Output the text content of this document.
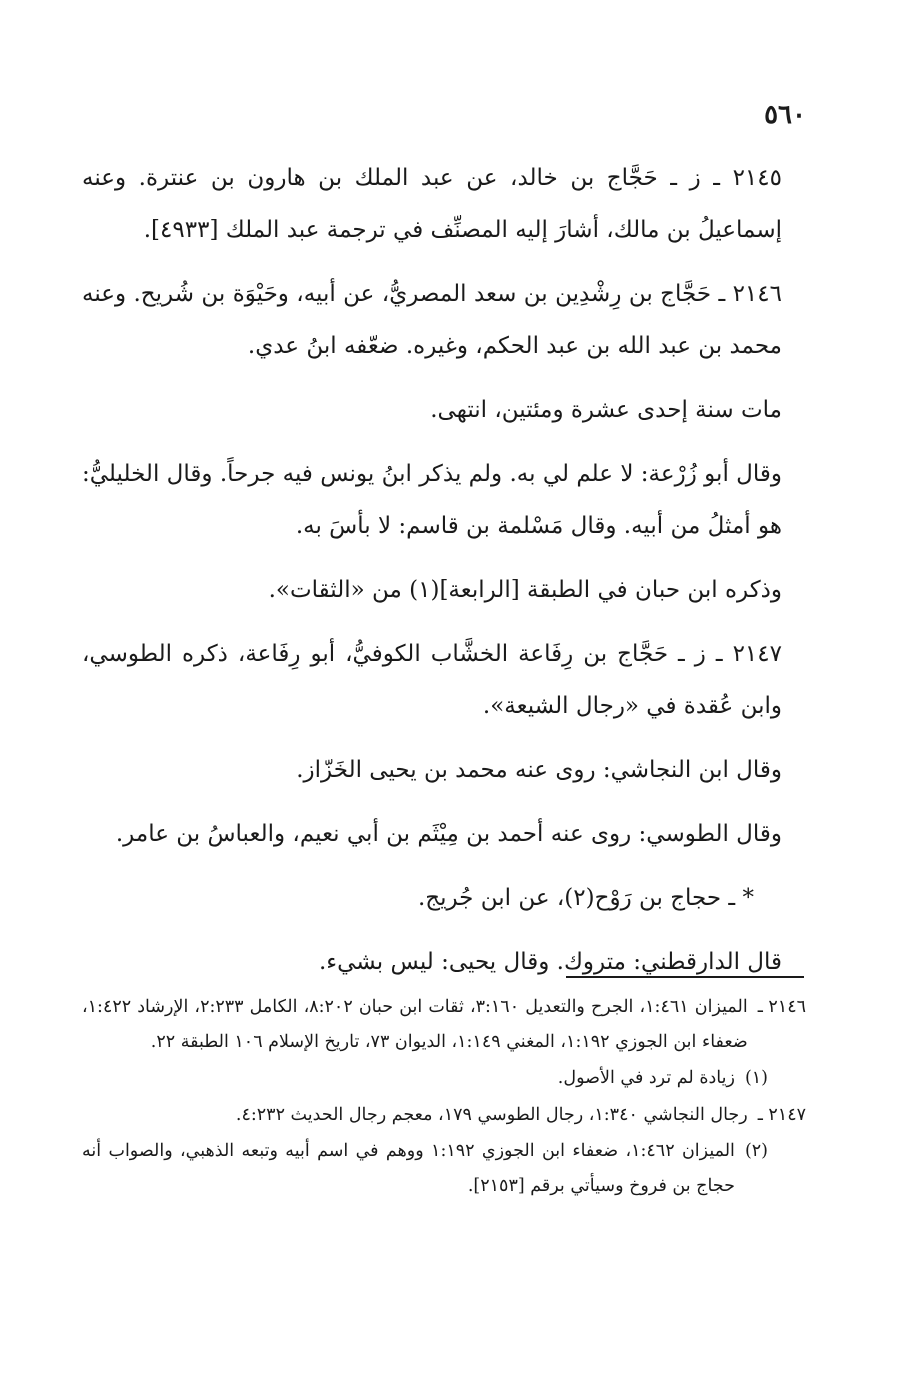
٥٦٠

٢١٤٥ ـ ز ـ حَجَّاج بن خالد، عن عبد الملك بن هارون بن عنترة. وعنه إسماعيلُ بن مالك، أشارَ إليه المصنِّف في ترجمة عبد الملك [٤٩٣٣].

٢١٤٦ ـ حَجَّاج بن رِشْدِين بن سعد المصريُّ، عن أبيه، وحَيْوَة بن شُريح. وعنه محمد بن عبد الله بن عبد الحكم، وغيره. ضعّفه ابنُ عدي.

مات سنة إحدى عشرة ومئتين، انتهى.

وقال أبو زُرْعة: لا علم لي به. ولم يذكر ابنُ يونس فيه جرحاً. وقال الخليليُّ: هو أمثلُ من أبيه. وقال مَسْلمة بن قاسم: لا بأسَ به.

وذكره ابن حبان في الطبقة [الرابعة](١) من «الثقات».

٢١٤٧ ـ ز ـ حَجَّاج بن رِفَاعة الخشَّاب الكوفيُّ، أبو رِفَاعة، ذكره الطوسي، وابن عُقدة في «رجال الشيعة».

وقال ابن النجاشي: روى عنه محمد بن يحيى الخَزّاز.

وقال الطوسي: روى عنه أحمد بن مِيْثَم بن أبي نعيم، والعباسُ بن عامر.

* ـ حجاج بن رَوْح(٢)، عن ابن جُريج.

قال الدارقطني: متروك. وقال يحيى: ليس بشيء.

٢١٤٦ ـ
الميزان ١:٤٦١، الجرح والتعديل ٣:١٦٠، ثقات ابن حبان ٨:٢٠٢، الكامل ٢:٢٣٣، الإرشاد ١:٤٢٢، ضعفاء ابن الجوزي ١:١٩٢، المغني ١:١٤٩، الديوان ٧٣، تاريخ الإسلام ١٠٦ الطبقة ٢٢.
(١)
زيادة لم ترد في الأصول.
٢١٤٧ ـ
رجال النجاشي ١:٣٤٠، رجال الطوسي ١٧٩، معجم رجال الحديث ٤:٢٣٢.
(٢)
الميزان ١:٤٦٢، ضعفاء ابن الجوزي ١:١٩٢ ووهم في اسم أبيه وتبعه الذهبي، والصواب أنه حجاج بن فروخ وسيأتي برقم [٢١٥٣].
